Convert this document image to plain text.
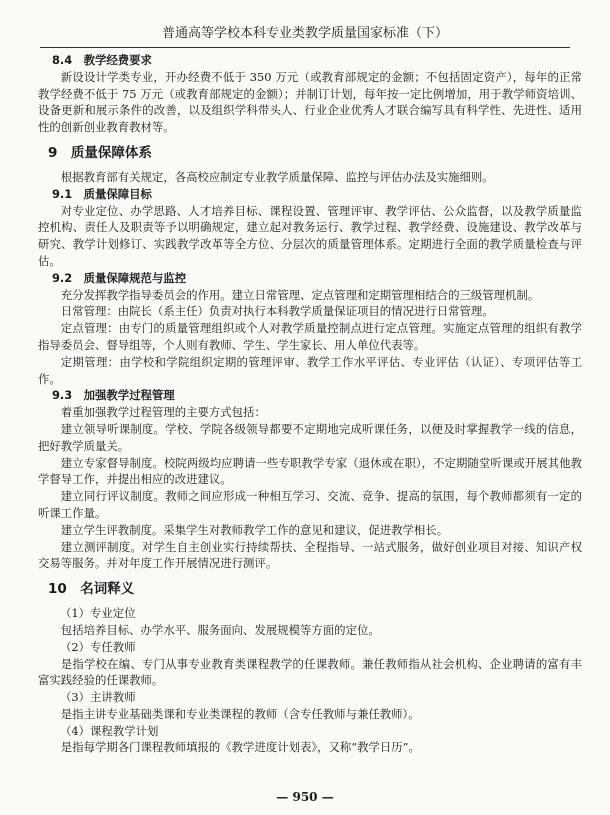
普通高等学校本科专业类教学质量国家标准（下）
8.4　教学经费要求

新设设计学类专业，开办经费不低于 350 万元（或教育部规定的金额；不包括固定资产），每年的正常教学经费不低于 75 万元（或教育部规定的金额）；并制订计划，每年按一定比例增加，用于教学师资培训、设备更新和展示条件的改善，以及组织学科带头人、行业企业优秀人才联合编写具有科学性、先进性、适用性的创新创业教育教材等。

9　质量保障体系

根据教育部有关规定，各高校应制定专业教学质量保障、监控与评估办法及实施细则。

9.1　质量保障目标

对专业定位、办学思路、人才培养目标、课程设置、管理评审、教学评估、公众监督，以及教学质量监控机构、责任人及职责等予以明确规定，建立起对教务运行、教学过程、教学经费、设施建设、教学改革与研究、教学计划修订、实践教学改革等全方位、分层次的质量管理体系。定期进行全面的教学质量检查与评估。

9.2　质量保障规范与监控

充分发挥教学指导委员会的作用。建立日常管理、定点管理和定期管理相结合的三级管理机制。

日常管理：由院长（系主任）负责对执行本科教学质量保证项目的情况进行日常管理。

定点管理：由专门的质量管理组织或个人对教学质量控制点进行定点管理。实施定点管理的组织有教学指导委员会、督导组等，个人则有教师、学生、学生家长、用人单位代表等。

定期管理：由学校和学院组织定期的管理评审、教学工作水平评估、专业评估（认证）、专项评估等工作。

9.3　加强教学过程管理

着重加强教学过程管理的主要方式包括：

建立领导听课制度。学校、学院各级领导都要不定期地完成听课任务，以便及时掌握教学一线的信息，把好教学质量关。

建立专家督导制度。校院两级均应聘请一些专职教学专家（退休或在职），不定期随堂听课或开展其他教学督导工作，并提出相应的改进建议。

建立同行评议制度。教师之间应形成一种相互学习、交流、竞争、提高的氛围，每个教师都须有一定的听课工作量。

建立学生评教制度。采集学生对教师教学工作的意见和建议，促进教学相长。

建立测评制度。对学生自主创业实行持续帮扶、全程指导、一站式服务，做好创业项目对接、知识产权交易等服务。并对年度工作开展情况进行测评。

10　名词释义
（1）专业定位

包括培养目标、办学水平、服务面向、发展规模等方面的定位。

（2）专任教师

是指学校在编、专门从事专业教育类课程教学的任课教师。兼任教师指从社会机构、企业聘请的富有丰富实践经验的任课教师。

（3）主讲教师

是指主讲专业基础类课和专业类课程的教师（含专任教师与兼任教师）。

（4）课程教学计划

是指每学期各门课程教师填报的《教学进度计划表》，又称“教学日历”。

— 950 —
